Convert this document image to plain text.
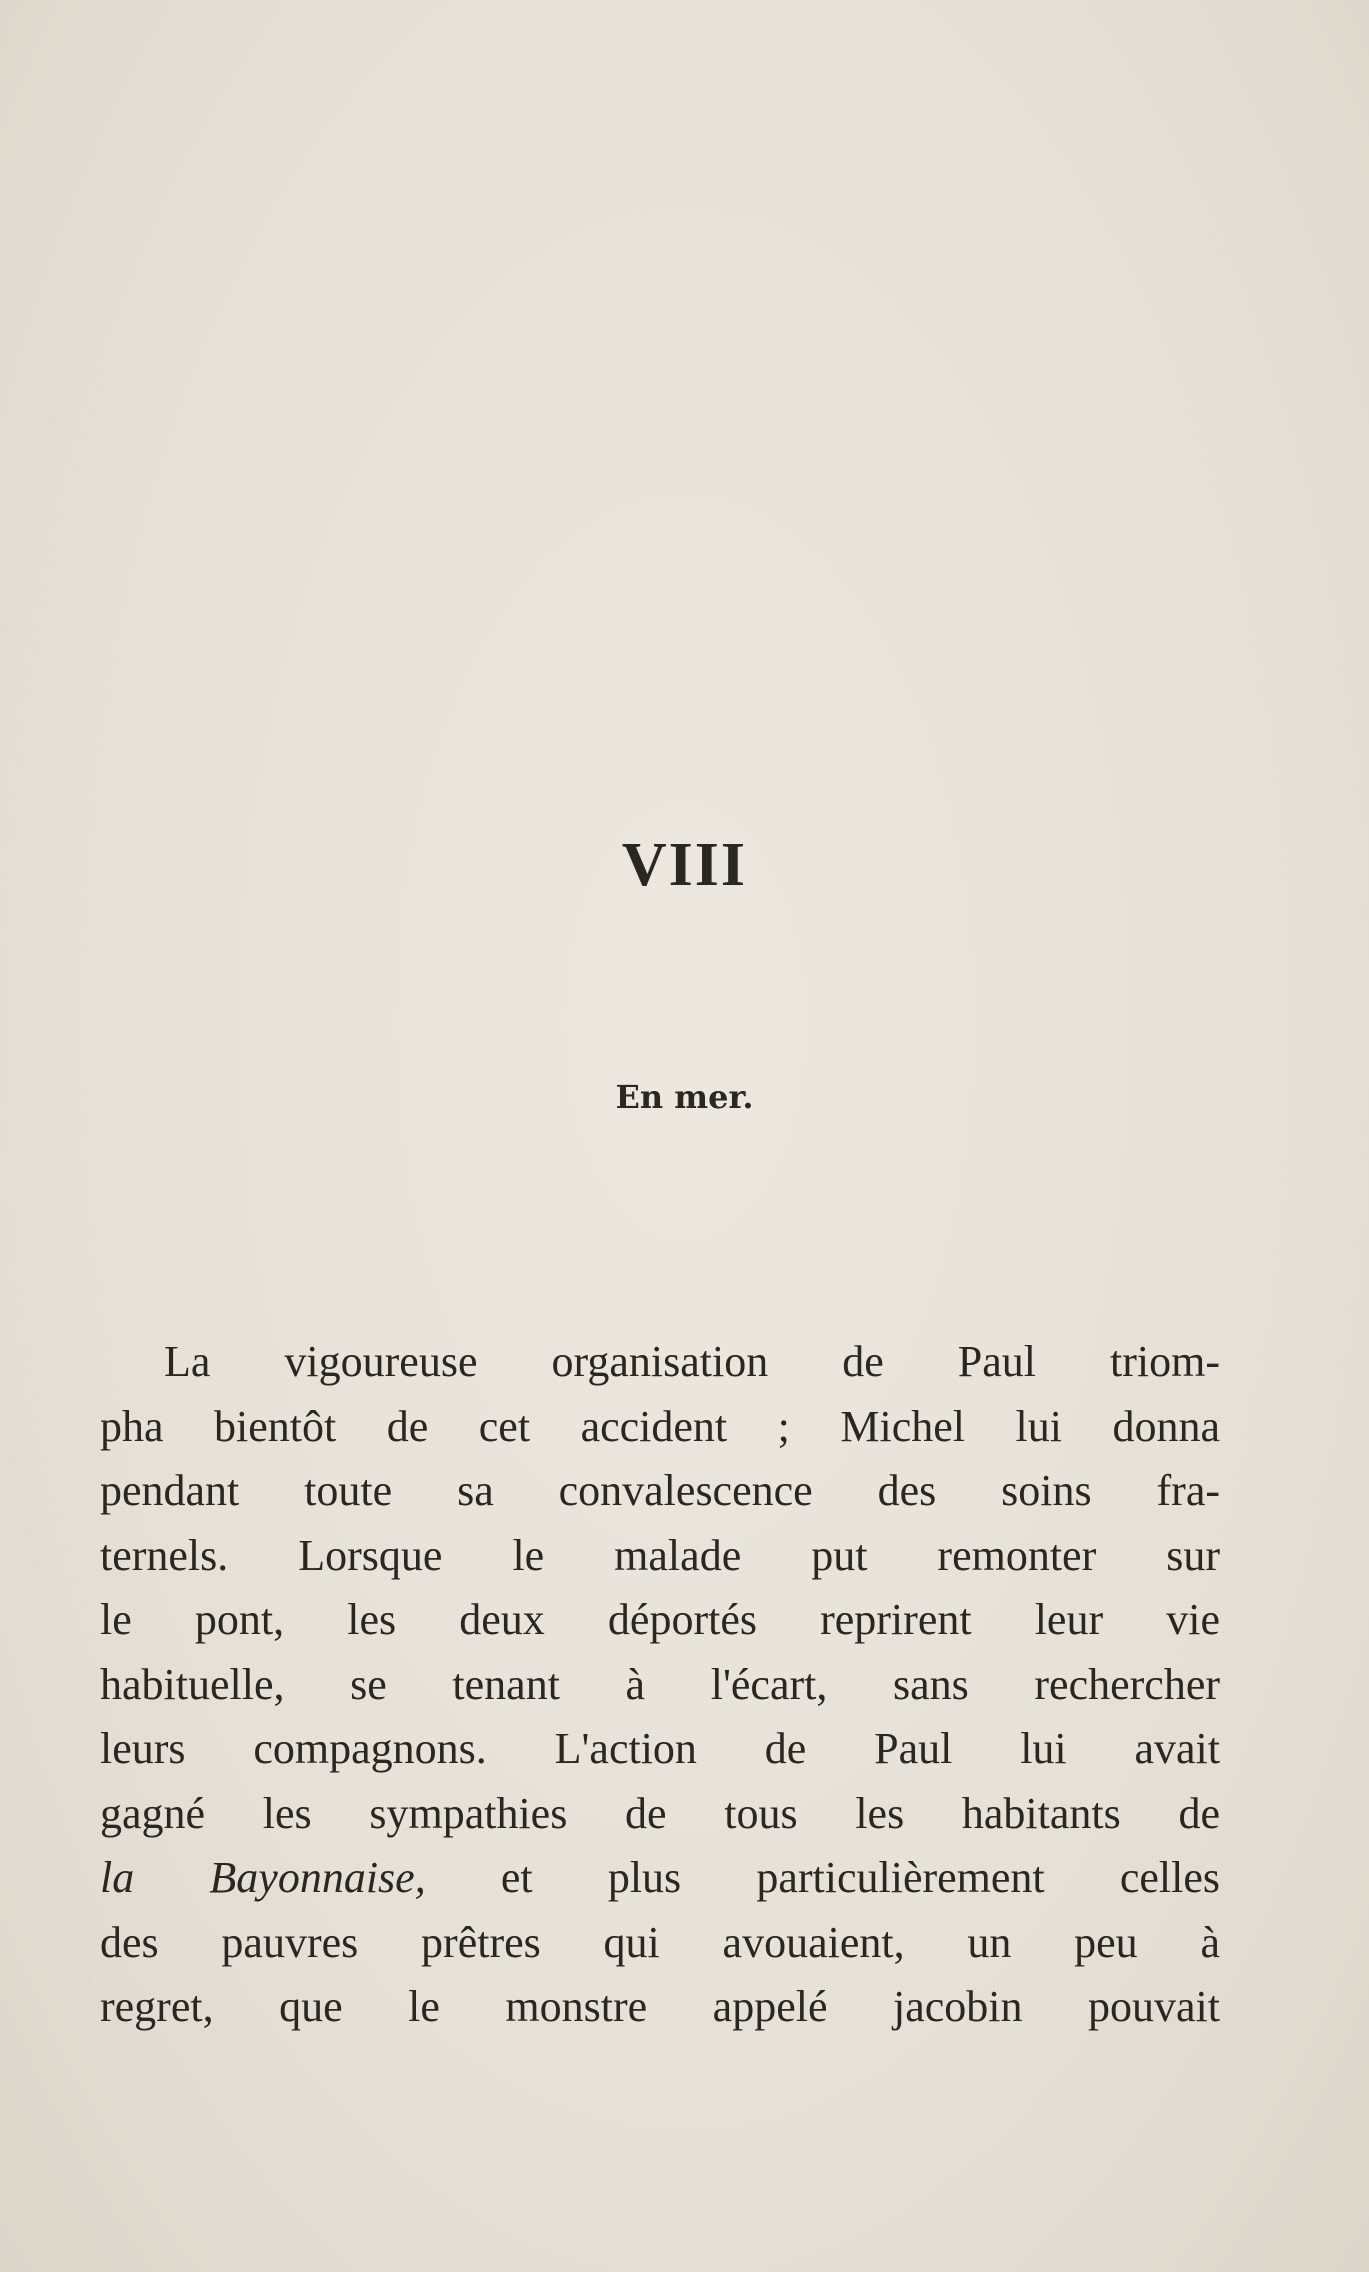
VIII
En mer.
La vigoureuse organisation de Paul triom-
pha bientôt de cet accident ; Michel lui donna
pendant toute sa convalescence des soins fra-
ternels. Lorsque le malade put remonter sur
le pont, les deux déportés reprirent leur vie
habituelle, se tenant à l'écart, sans rechercher
leurs compagnons. L'action de Paul lui avait
gagné les sympathies de tous les habitants de
la Bayonnaise, et plus particulièrement celles
des pauvres prêtres qui avouaient, un peu à
regret, que le monstre appelé jacobin pouvait
